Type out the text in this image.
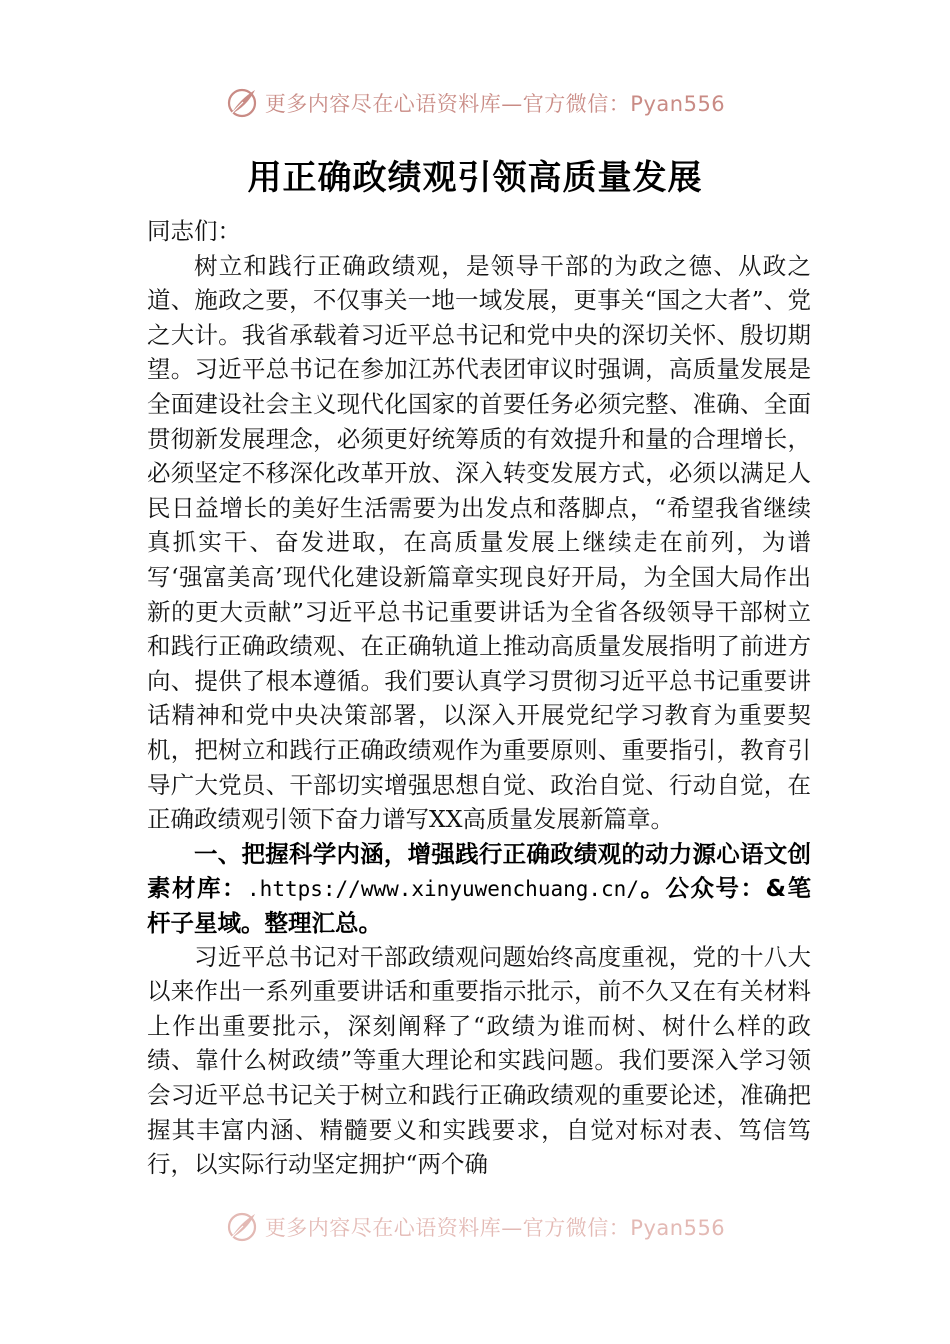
更多内容尽在心语资料库—官方微信：Pyan556
用正确政绩观引领高质量发展

同志们：

树立和践行正确政绩观，是领导干部的为政之德、从政之道、施政之要，不仅事关一地一域发展，更事关“国之大者”、党之大计。我省承载着习近平总书记和党中央的深切关怀、殷切期望。习近平总书记在参加江苏代表团审议时强调，高质量发展是全面建设社会主义现代化国家的首要任务必须完整、准确、全面贯彻新发展理念，必须更好统筹质的有效提升和量的合理增长，必须坚定不移深化改革开放、深入转变发展方式，必须以满足人民日益增长的美好生活需要为出发点和落脚点，“希望我省继续真抓实干、奋发进取，在高质量发展上继续走在前列，为谱写‘强富美高’现代化建设新篇章实现良好开局，为全国大局作出新的更大贡献”习近平总书记重要讲话为全省各级领导干部树立和践行正确政绩观、在正确轨道上推动高质量发展指明了前进方向、提供了根本遵循。我们要认真学习贯彻习近平总书记重要讲话精神和党中央决策部署，以深入开展党纪学习教育为重要契机，把树立和践行正确政绩观作为重要原则、重要指引，教育引导广大党员、干部切实增强思想自觉、政治自觉、行动自觉，在正确政绩观引领下奋力谱写XX高质量发展新篇章。

一、把握科学内涵，增强践行正确政绩观的动力源心语文创素材库：.https://www.xinyuwenchuang.cn/。公众号：&笔杆子星域。整理汇总。

习近平总书记对干部政绩观问题始终高度重视，党的十八大以来作出一系列重要讲话和重要指示批示，前不久又在有关材料上作出重要批示，深刻阐释了“政绩为谁而树、树什么样的政绩、靠什么树政绩”等重大理论和实践问题。我们要深入学习领会习近平总书记关于树立和践行正确政绩观的重要论述，准确把握其丰富内涵、精髓要义和实践要求，自觉对标对表、笃信笃行，以实际行动坚定拥护“两个确

更多内容尽在心语资料库—官方微信：Pyan556
